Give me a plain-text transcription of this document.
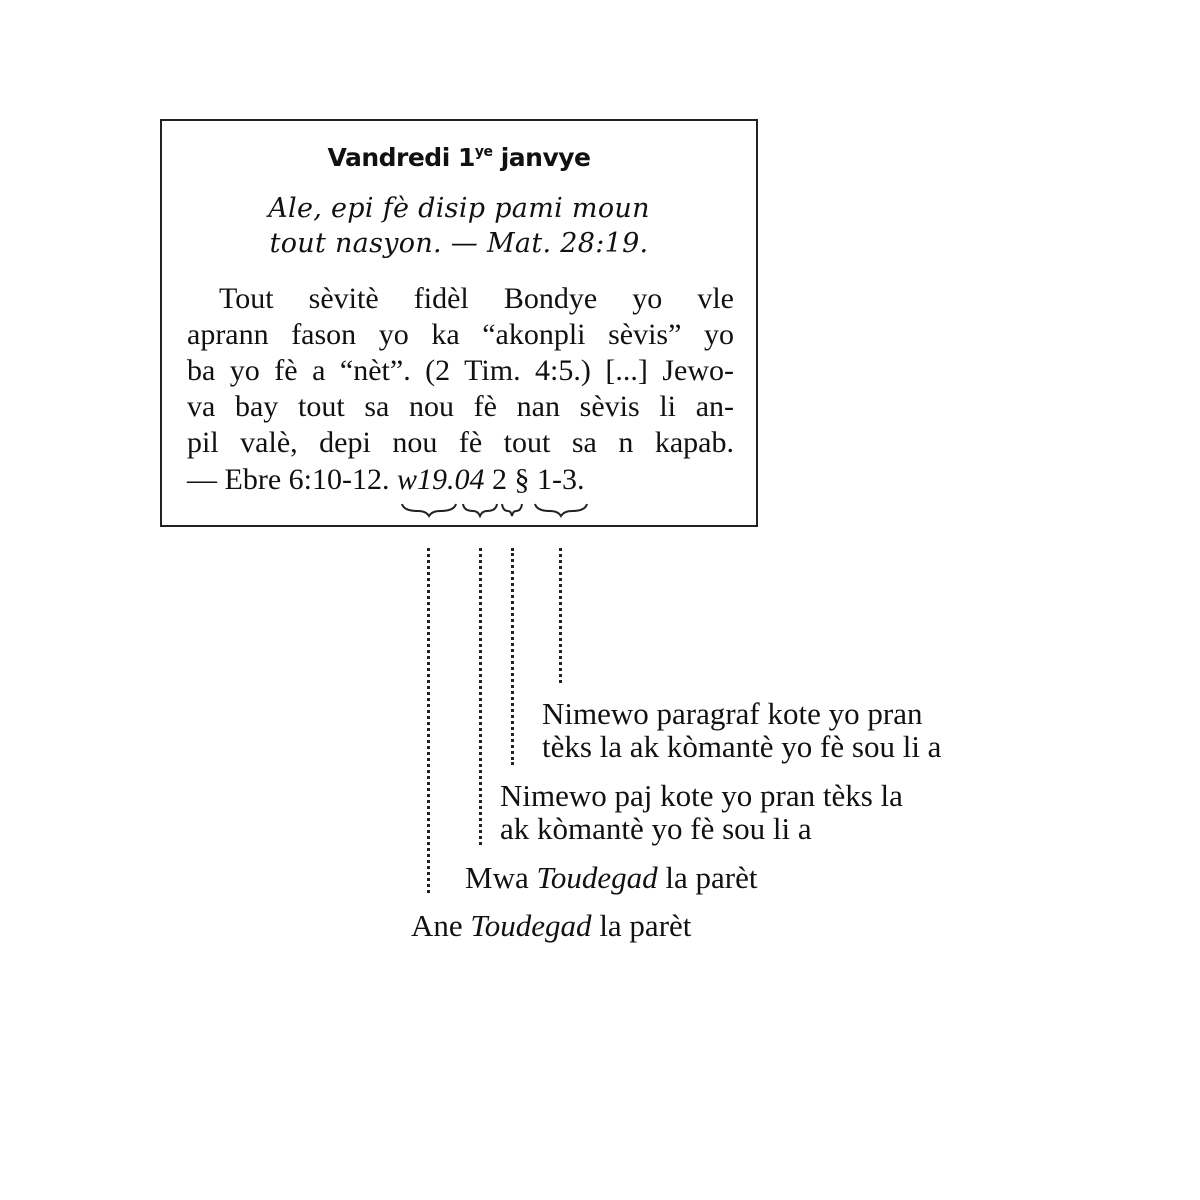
Vandredi $1^{ye}$ janvye
Ale, epi fè disip pami moun
tout nasyon. — Mat. 28:19.
Tout sèvitè fidèl Bondye yo vle
aprann fason yo ka “akonpli sèvis” yo
ba yo fè a “nèt”. (2 Tim. 4:5.) [...] Jewo-
va bay tout sa nou fè nan sèvis li an-
pil valè, depi nou fè tout sa n kapab.
— Ebre 6:10-12. w19.04 2 § 1-3.
Nimewo paragraf kote yo pran
tèks la ak kòmantè yo fè sou li a
Nimewo paj kote yo pran tèks la
ak kòmantè yo fè sou li a
Mwa Toudegad la parèt
Ane Toudegad la parèt
